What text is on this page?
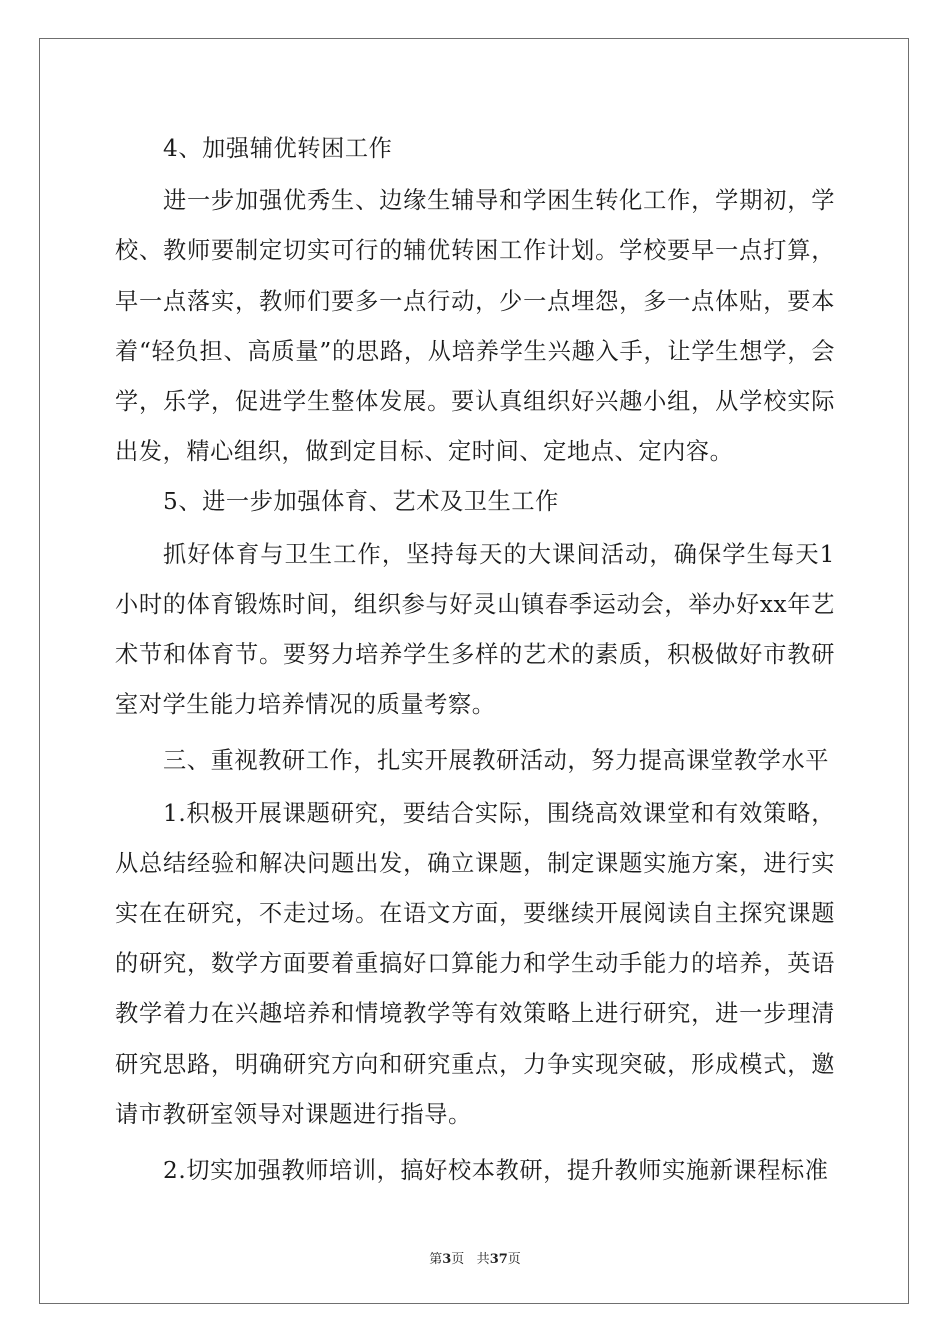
4、加强辅优转困工作

进一步加强优秀生、边缘生辅导和学困生转化工作，学期初，学校、教师要制定切实可行的辅优转困工作计划。学校要早一点打算，早一点落实，教师们要多一点行动，少一点埋怨，多一点体贴，要本着“轻负担、高质量”的思路，从培养学生兴趣入手，让学生想学，会学，乐学，促进学生整体发展。要认真组织好兴趣小组，从学校实际出发，精心组织，做到定目标、定时间、定地点、定内容。

5、进一步加强体育、艺术及卫生工作

抓好体育与卫生工作，坚持每天的大课间活动，确保学生每天1小时的体育锻炼时间，组织参与好灵山镇春季运动会，举办好xx年艺术节和体育节。要努力培养学生多样的艺术的素质，积极做好市教研室对学生能力培养情况的质量考察。

三、重视教研工作，扎实开展教研活动，努力提高课堂教学水平

1.积极开展课题研究，要结合实际，围绕高效课堂和有效策略，从总结经验和解决问题出发，确立课题，制定课题实施方案，进行实实在在研究，不走过场。在语文方面，要继续开展阅读自主探究课题的研究，数学方面要着重搞好口算能力和学生动手能力的培养，英语教学着力在兴趣培养和情境教学等有效策略上进行研究，进一步理清研究思路，明确研究方向和研究重点，力争实现突破，形成模式，邀请市教研室领导对课题进行指导。

2.切实加强教师培训，搞好校本教研，提升教师实施新课程标准

第3页 共37页
